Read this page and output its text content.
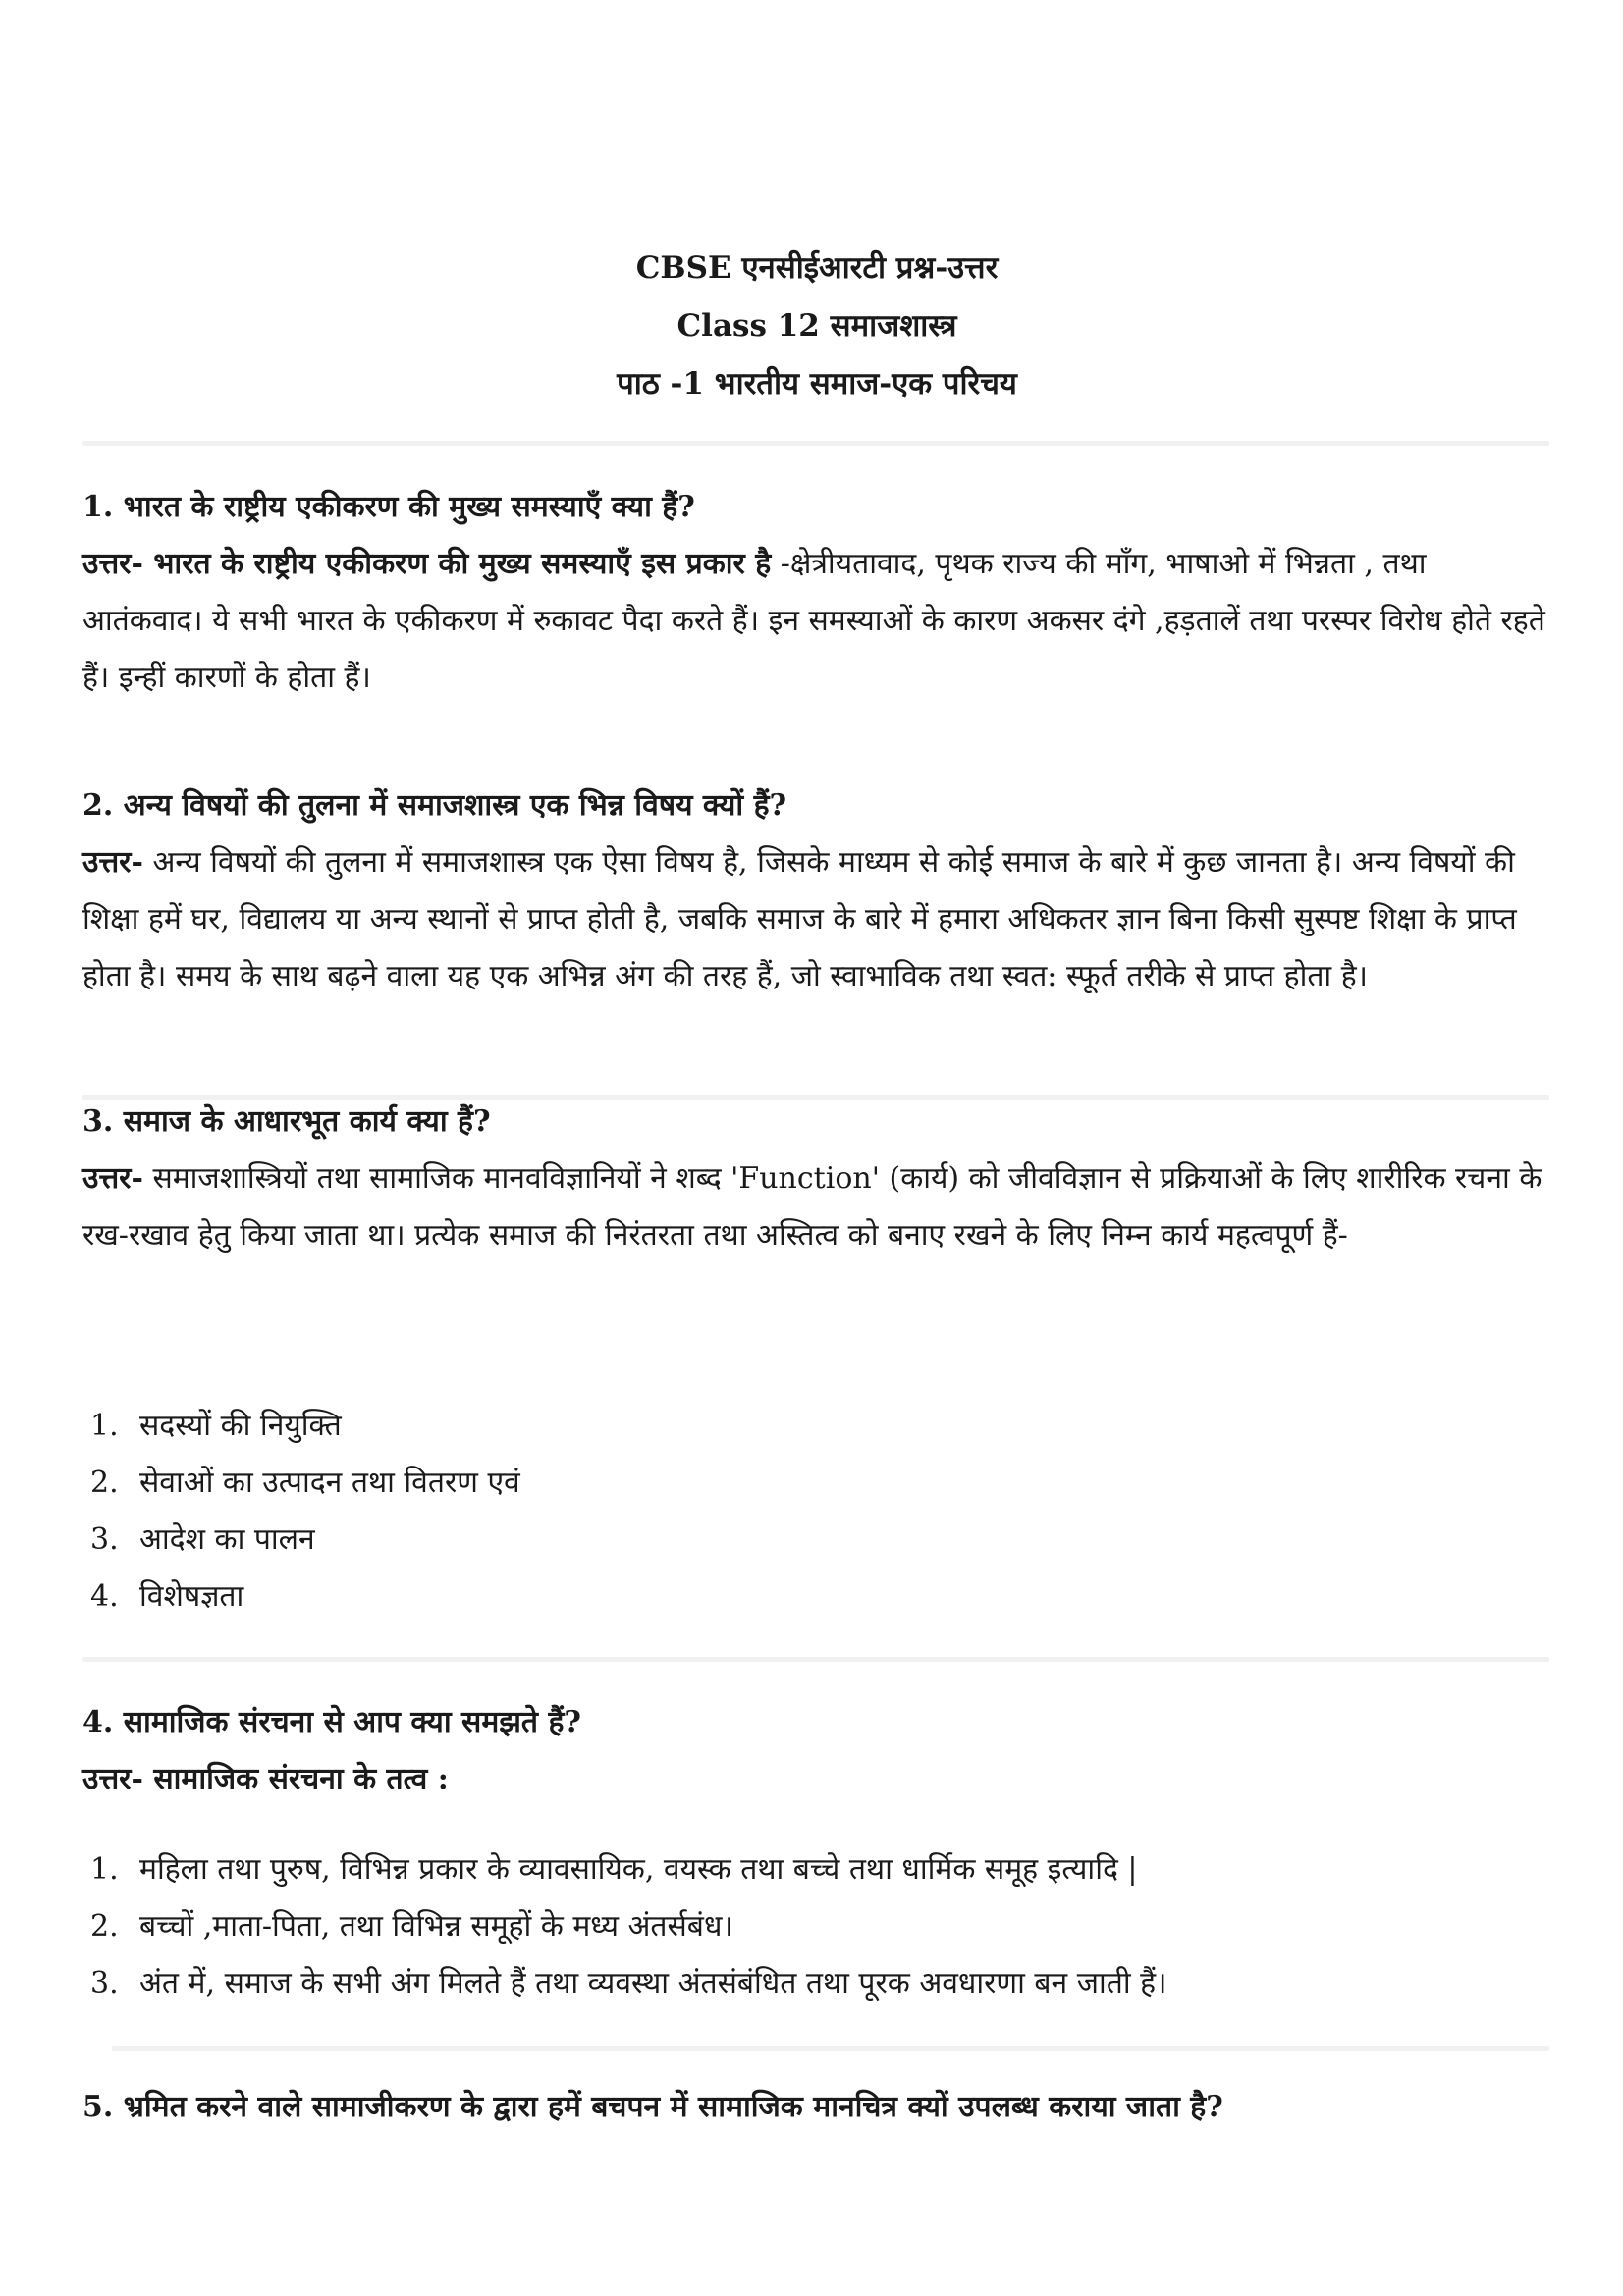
CBSE एनसीईआरटी प्रश्न-उत्तर
Class 12 समाजशास्त्र
पाठ -1 भारतीय समाज-एक परिचय

1. भारत के राष्ट्रीय एकीकरण की मुख्य समस्याएँ क्या हैं?

उत्तर- भारत के राष्ट्रीय एकीकरण की मुख्य समस्याएँ इस प्रकार है -क्षेत्रीयतावाद, पृथक राज्य की माँग, भाषाओ में भिन्नता , तथा आतंकवाद। ये सभी भारत के एकीकरण में रुकावट पैदा करते हैं। इन समस्याओं के कारण अकसर दंगे ,हड़तालें तथा परस्पर विरोध होते रहते हैं। इन्हीं कारणों के होता हैं।

2. अन्य विषयों की तुलना में समाजशास्त्र एक भिन्न विषय क्यों हैं?

उत्तर- अन्य विषयों की तुलना में समाजशास्त्र एक ऐसा विषय है, जिसके माध्यम से कोई समाज के बारे में कुछ जानता है। अन्य विषयों की शिक्षा हमें घर, विद्यालय या अन्य स्थानों से प्राप्त होती है, जबकि समाज के बारे में हमारा अधिकतर ज्ञान बिना किसी सुस्पष्ट शिक्षा के प्राप्त होता है। समय के साथ बढ़ने वाला यह एक अभिन्न अंग की तरह हैं, जो स्वाभाविक तथा स्वत: स्फूर्त तरीके से प्राप्त होता है।

3. समाज के आधारभूत कार्य क्या हैं?

उत्तर- समाजशास्त्रियों तथा सामाजिक मानवविज्ञानियों ने शब्द 'Function' (कार्य) को जीवविज्ञान से प्रक्रियाओं के लिए शारीरिक रचना के रख-रखाव हेतु किया जाता था। प्रत्येक समाज की निरंतरता तथा अस्तित्व को बनाए रखने के लिए निम्न कार्य महत्वपूर्ण हैं-

1. सदस्यों की नियुक्ति
2. सेवाओं का उत्पादन तथा वितरण एवं
3. आदेश का पालन
4. विशेषज्ञता

4. सामाजिक संरचना से आप क्या समझते हैं?

उत्तर- सामाजिक संरचना के तत्व :

1. महिला तथा पुरुष, विभिन्न प्रकार के व्यावसायिक, वयस्क तथा बच्चे तथा धार्मिक समूह इत्यादि |
2. बच्चों ,माता-पिता, तथा विभिन्न समूहों के मध्य अंतर्सबंध।
3. अंत में, समाज के सभी अंग मिलते हैं तथा व्यवस्था अंतसंबंधित तथा पूरक अवधारणा बन जाती हैं।

5. भ्रमित करने वाले सामाजीकरण के द्वारा हमें बचपन में सामाजिक मानचित्र क्यों उपलब्ध कराया जाता है?
